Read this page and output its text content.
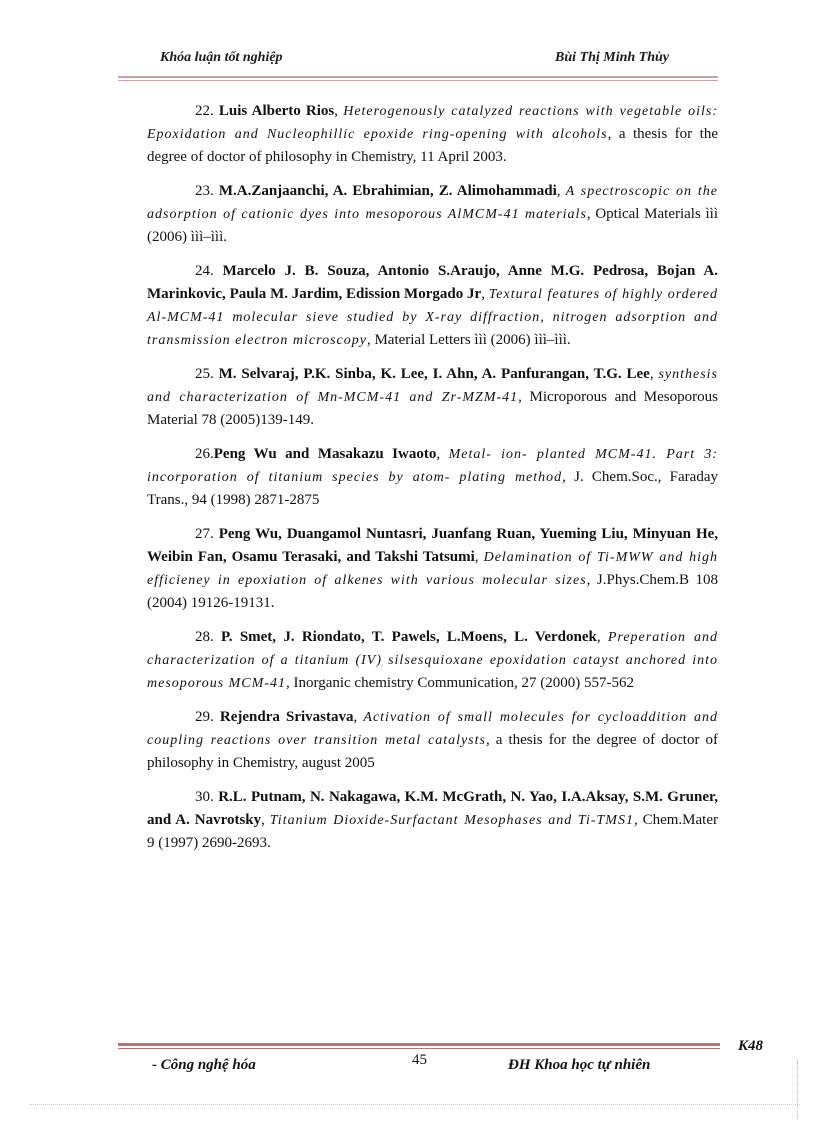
Khóa luận tốt nghiệp	Bùi Thị Minh Thùy

22. Luis Alberto Rios, Heterogenously catalyzed reactions with vegetable oils: Epoxidation and Nucleophillic epoxide ring-opening with alcohols, a thesis for the degree of doctor of philosophy in Chemistry, 11 April 2003.

23. M.A.Zanjaanchi, A. Ebrahimian, Z. Alimohammadi, A spectroscopic on the adsorption of cationic dyes into mesoporous AlMCM-41 materials, Optical Materials ììì (2006) ììì–ììì.

24. Marcelo J. B. Souza, Antonio S.Araujo, Anne M.G. Pedrosa, Bojan A. Marinkovic, Paula M. Jardim, Edission Morgado Jr, Textural features of highly ordered Al-MCM-41 molecular sieve studied by X-ray diffraction, nitrogen adsorption and transmission electron microscopy, Material Letters ììì (2006) ììì–ììì.

25. M. Selvaraj, P.K. Sinba, K. Lee, I. Ahn, A. Panfurangan, T.G. Lee, synthesis and characterization of Mn-MCM-41 and Zr-MZM-41, Microporous and Mesoporous Material 78 (2005)139-149.

26.Peng Wu and Masakazu Iwaoto, Metal- ion- planted MCM-41. Part 3: incorporation of titanium species by atom- plating method, J. Chem.Soc., Faraday Trans., 94 (1998) 2871-2875

27. Peng Wu, Duangamol Nuntasri, Juanfang Ruan, Yueming Liu, Minyuan He, Weibin Fan, Osamu Terasaki, and Takshi Tatsumi, Delamination of Ti-MWW and high efficieney in epoxiation of alkenes with various molecular sizes, J.Phys.Chem.B 108 (2004) 19126-19131.

28. P. Smet, J. Riondato, T. Pawels, L.Moens, L. Verdonek, Preperation and characterization of a titanium (IV) silsesquioxane epoxidation catayst anchored into mesoporous MCM-41, Inorganic chemistry Communication, 27 (2000) 557-562

29. Rejendra Srivastava, Activation of small molecules for cycloaddition and coupling reactions over transition metal catalysts, a thesis for the degree of doctor of philosophy in Chemistry, august 2005

30. R.L. Putnam, N. Nakagawa, K.M. McGrath, N. Yao, I.A.Aksay, S.M. Gruner, and A. Navrotsky, Titanium Dioxide-Surfactant Mesophases and Ti-TMS1, Chem.Mater 9 (1997) 2690-2693.

K48
- Công nghệ hóa	45	ĐH Khoa học tự nhiên
